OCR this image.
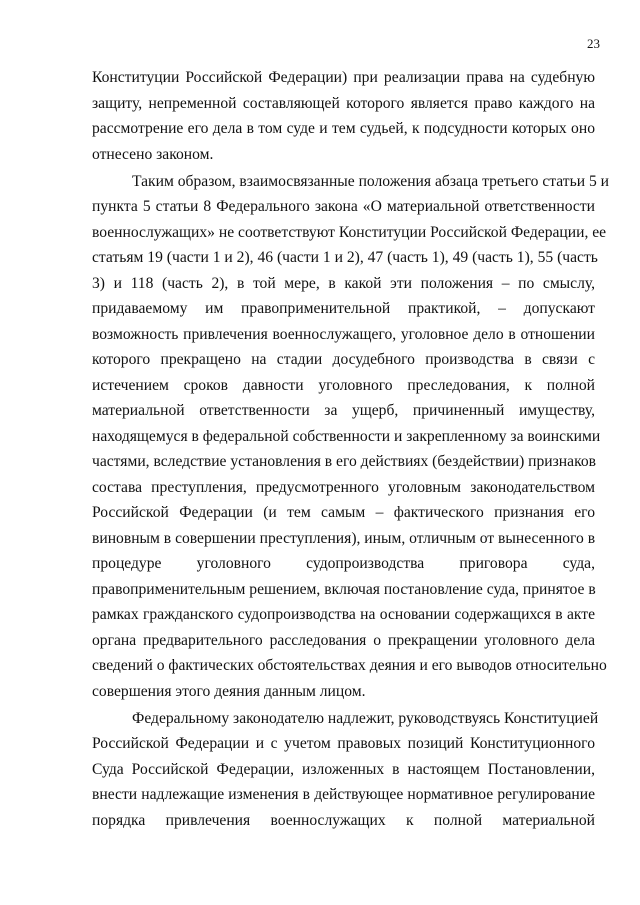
23
Конституции Российской Федерации) при реализации права на судебную
защиту, непременной составляющей которого является право каждого на
рассмотрение его дела в том суде и тем судьей, к подсудности которых оно
отнесено законом.
Таким образом, взаимосвязанные положения абзаца третьего статьи 5 и
пункта 5 статьи 8 Федерального закона «О материальной ответственности
военнослужащих» не соответствуют Конституции Российской Федерации, ее
статьям 19 (части 1 и 2), 46 (части 1 и 2), 47 (часть 1), 49 (часть 1), 55 (часть
3) и 118 (часть 2), в той мере, в какой эти положения – по смыслу,
придаваемому им правоприменительной практикой, – допускают
возможность привлечения военнослужащего, уголовное дело в отношении
которого прекращено на стадии досудебного производства в связи с
истечением сроков давности уголовного преследования, к полной
материальной ответственности за ущерб, причиненный имуществу,
находящемуся в федеральной собственности и закрепленному за воинскими
частями, вследствие установления в его действиях (бездействии) признаков
состава преступления, предусмотренного уголовным законодательством
Российской Федерации (и тем самым – фактического признания его
виновным в совершении преступления), иным, отличным от вынесенного в
процедуре уголовного судопроизводства приговора суда,
правоприменительным решением, включая постановление суда, принятое в
рамках гражданского судопроизводства на основании содержащихся в акте
органа предварительного расследования о прекращении уголовного дела
сведений о фактических обстоятельствах деяния и его выводов относительно
совершения этого деяния данным лицом.
Федеральному законодателю надлежит, руководствуясь Конституцией
Российской Федерации и с учетом правовых позиций Конституционного
Суда Российской Федерации, изложенных в настоящем Постановлении,
внести надлежащие изменения в действующее нормативное регулирование
порядка привлечения военнослужащих к полной материальной
